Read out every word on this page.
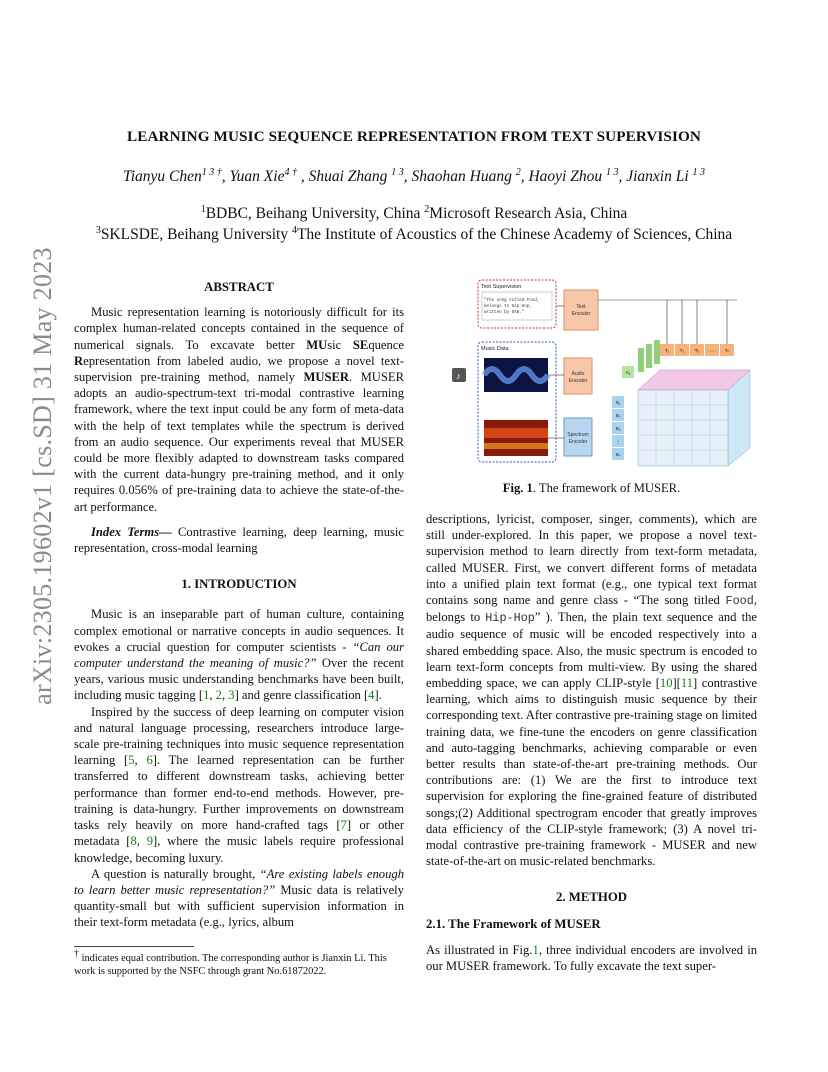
arXiv:2305.19602v1 [cs.SD] 31 May 2023
LEARNING MUSIC SEQUENCE REPRESENTATION FROM TEXT SUPERVISION
Tianyu Chen$^{1 3 \dagger}$, Yuan Xie$^{4 \dagger}$ , Shuai Zhang $^{1 3}$, Shaohan Huang $^2$, Haoyi Zhou $^{1 3}$, Jianxin Li $^{1 3}$
$^1$BDBC, Beihang University, China $^2$Microsoft Research Asia, China
$^3$SKLSDE, Beihang University $^4$The Institute of Acoustics of the Chinese Academy of Sciences, China
ABSTRACT

Music representation learning is notoriously difficult for its complex human-related concepts contained in the sequence of numerical signals. To excavate better MUsic SEquence Representation from labeled audio, we propose a novel text-supervision pre-training method, namely MUSER. MUSER adopts an audio-spectrum-text tri-modal contrastive learning framework, where the text input could be any form of meta-data with the help of text templates while the spectrum is derived from an audio sequence. Our experiments reveal that MUSER could be more flexibly adapted to downstream tasks compared with the current data-hungry pre-training method, and it only requires 0.056% of pre-training data to achieve the state-of-the-art performance.

Index Terms— Contrastive learning, deep learning, music representation, cross-modal learning

1. INTRODUCTION

Music is an inseparable part of human culture, containing complex emotional or narrative concepts in audio sequences. It evokes a crucial question for computer scientists - “Can our computer understand the meaning of music?” Over the recent years, various music understanding benchmarks have been built, including music tagging [1, 2, 3] and genre classification [4].

Inspired by the success of deep learning on computer vision and natural language processing, researchers introduce large-scale pre-training techniques into music sequence representation learning [5, 6]. The learned representation can be further transferred to different downstream tasks, achieving better performance than former end-to-end methods. However, pre-training is data-hungry. Further improvements on downstream tasks rely heavily on more hand-crafted tags [7] or other metadata [8, 9], where the music labels require professional knowledge, becoming luxury.

A question is naturally brought, “Are existing labels enough to learn better music representation?” Music data is relatively quantity-small but with sufficient supervision information in their text-form metadata (e.g., lyrics, album

† indicates equal contribution. The corresponding author is Jianxin Li. This work is supported by the NSFC through grant No.61872022.
Text Supervision
"The song titled Food,
belongs to Hip-Hop,
written by DAB."
Music Data
♪
Text
Encoder
Audio
Encoder
Spectrum
Encoder
T₁ T₂ T₃ ... Tₙ
A₁
S₁
S₂
S₃
⋮
Sₙ
Fig. 1. The framework of MUSER.

descriptions, lyricist, composer, singer, comments), which are still under-explored. In this paper, we propose a novel text-supervision method to learn directly from text-form metadata, called MUSER. First, we convert different forms of metadata into a unified plain text format (e.g., one typical text format contains song name and genre class - “The song titled Food, belongs to Hip-Hop” ). Then, the plain text sequence and the audio sequence of music will be encoded respectively into a shared embedding space. Also, the music spectrum is encoded to learn text-form concepts from multi-view. By using the shared embedding space, we can apply CLIP-style [10][11] contrastive learning, which aims to distinguish music sequence by their corresponding text. After contrastive pre-training stage on limited training data, we fine-tune the encoders on genre classification and auto-tagging benchmarks, achieving comparable or even better results than state-of-the-art pre-training methods. Our contributions are: (1) We are the first to introduce text supervision for exploring the fine-grained feature of distributed songs;(2) Additional spectrogram encoder that greatly improves data efficiency of the CLIP-style framework; (3) A novel tri-modal contrastive pre-training framework - MUSER and new state-of-the-art on music-related benchmarks.

2. METHOD
2.1. The Framework of MUSER

As illustrated in Fig.1, three individual encoders are involved in our MUSER framework. To fully excavate the text super-
